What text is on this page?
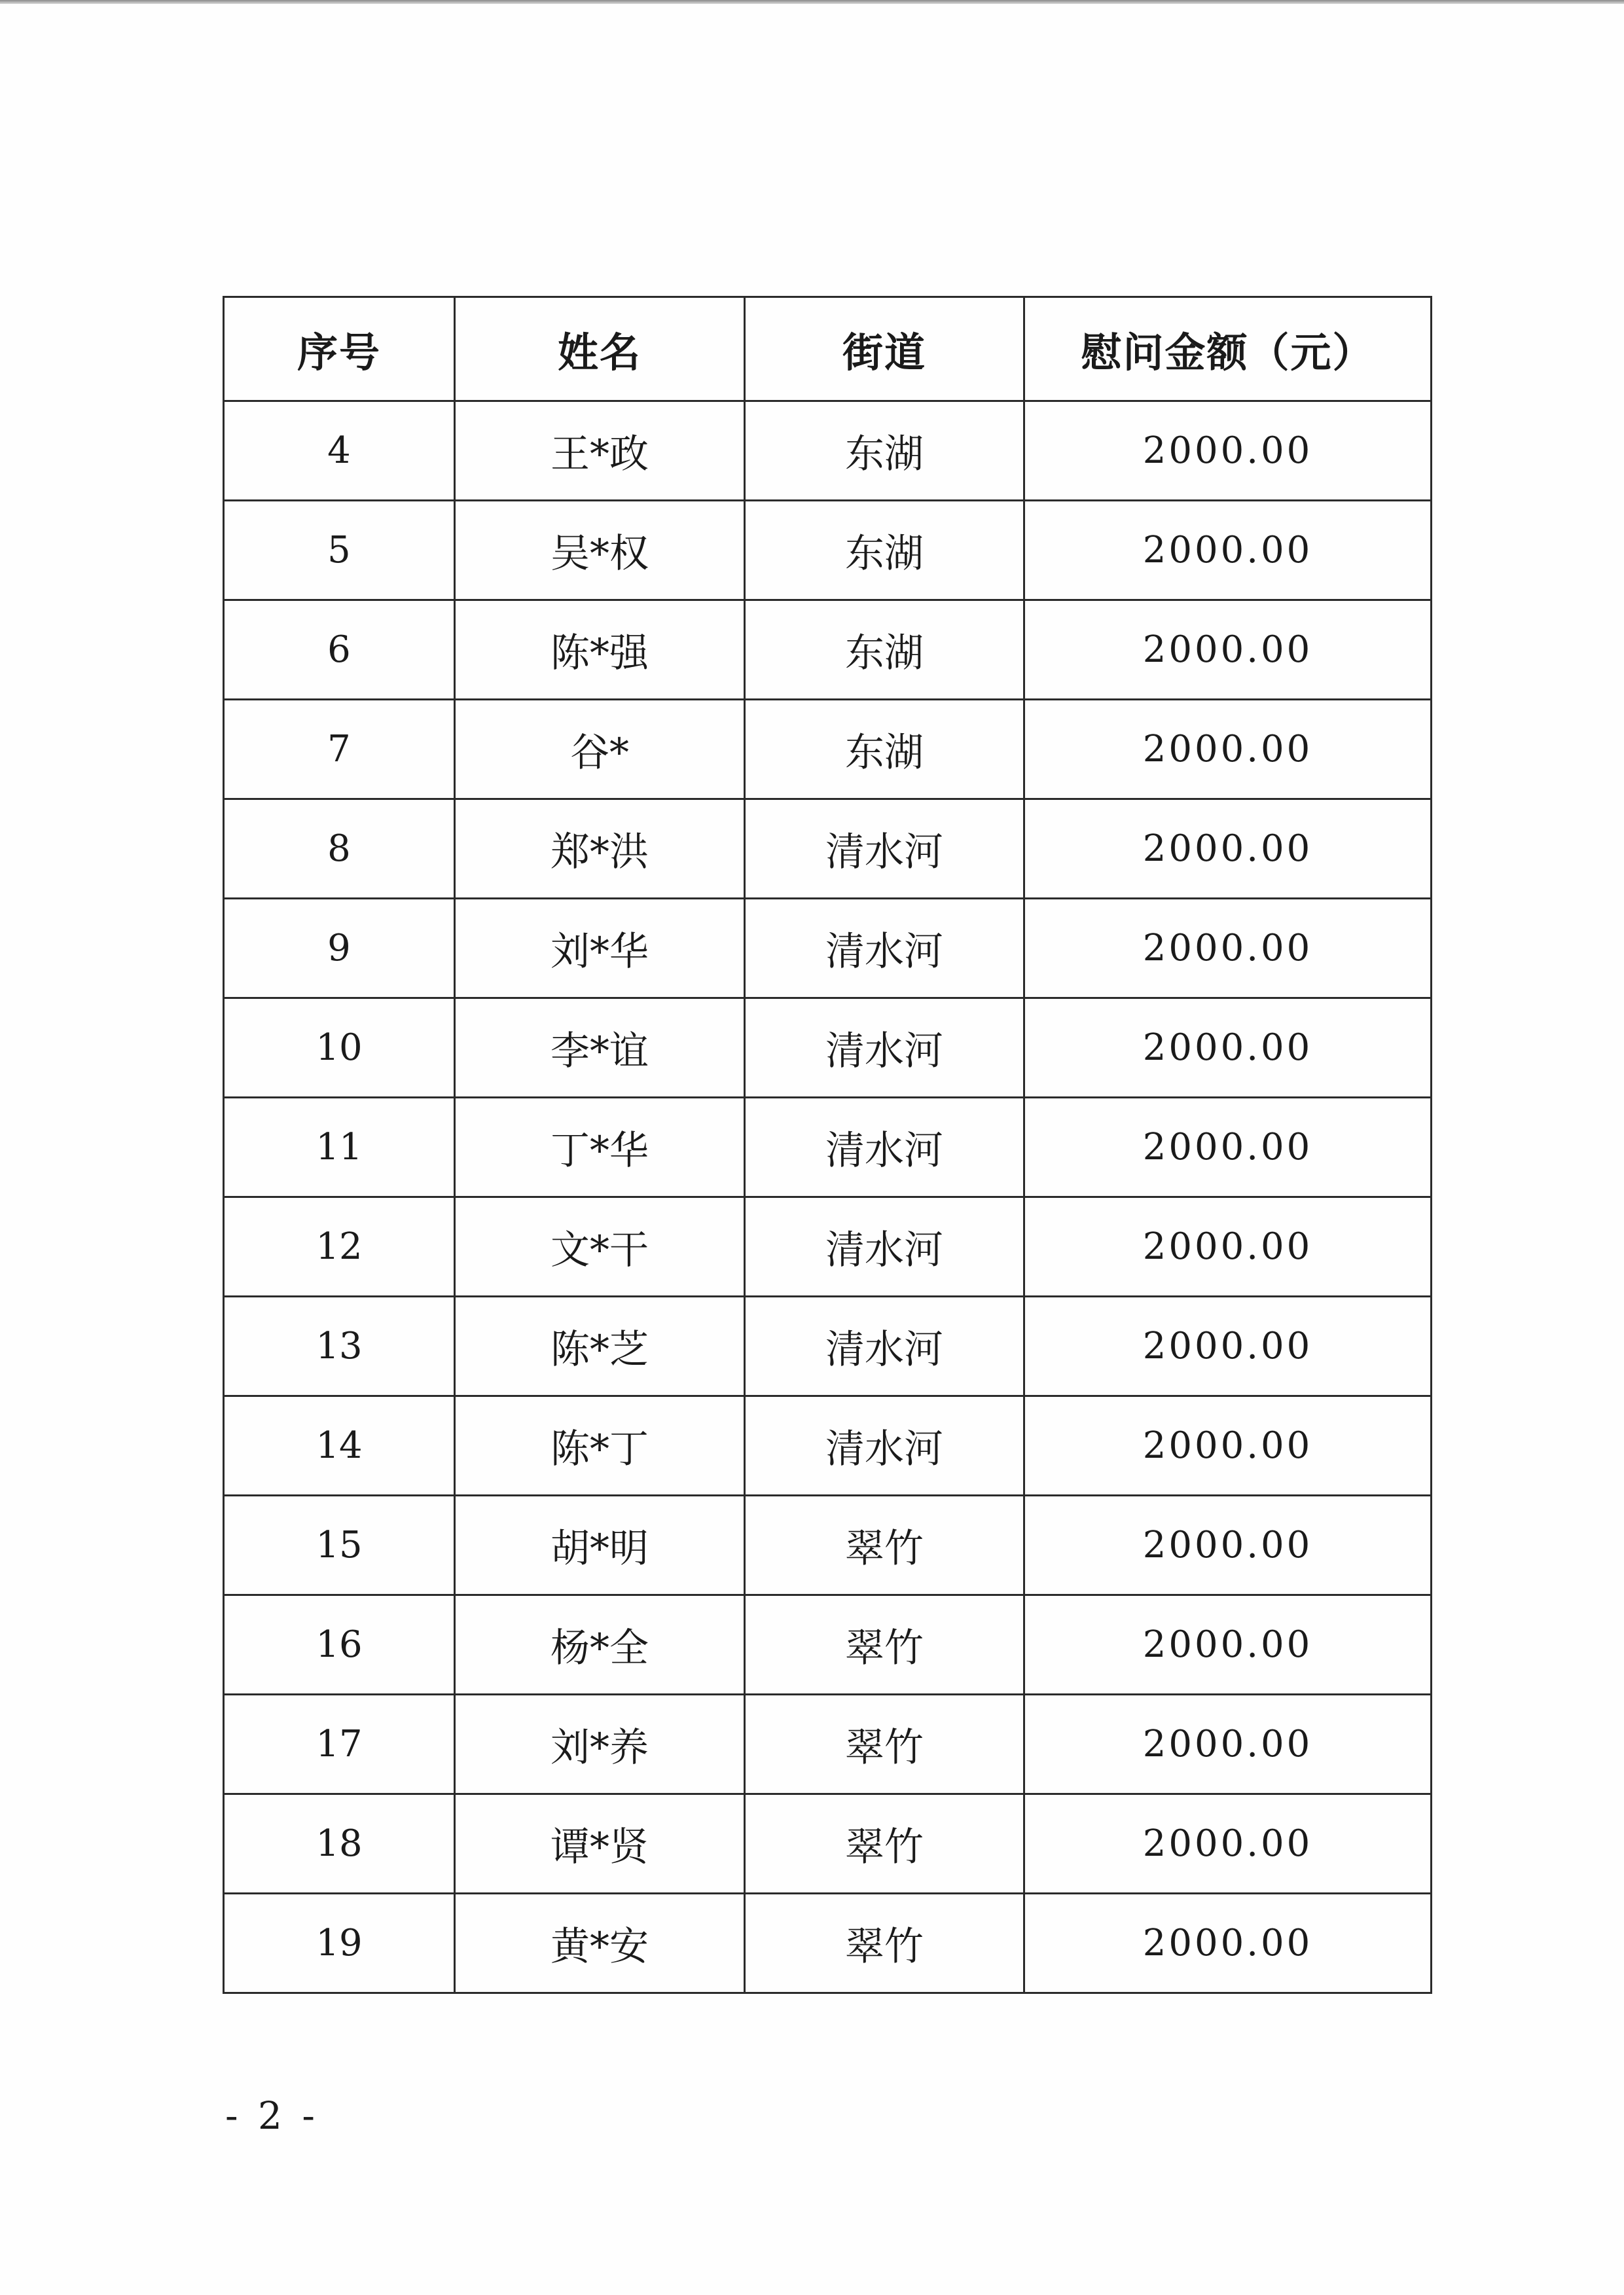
序号	姓名	街道	慰问金额（元）
4	王*政	东湖	2000.00
5	吴*权	东湖	2000.00
6	陈*强	东湖	2000.00
7	谷*	东湖	2000.00
8	郑*洪	清水河	2000.00
9	刘*华	清水河	2000.00
10	李*谊	清水河	2000.00
11	丁*华	清水河	2000.00
12	文*干	清水河	2000.00
13	陈*芝	清水河	2000.00
14	陈*丁	清水河	2000.00
15	胡*明	翠竹	2000.00
16	杨*全	翠竹	2000.00
17	刘*养	翠竹	2000.00
18	谭*贤	翠竹	2000.00
19	黄*安	翠竹	2000.00
- 2 -
